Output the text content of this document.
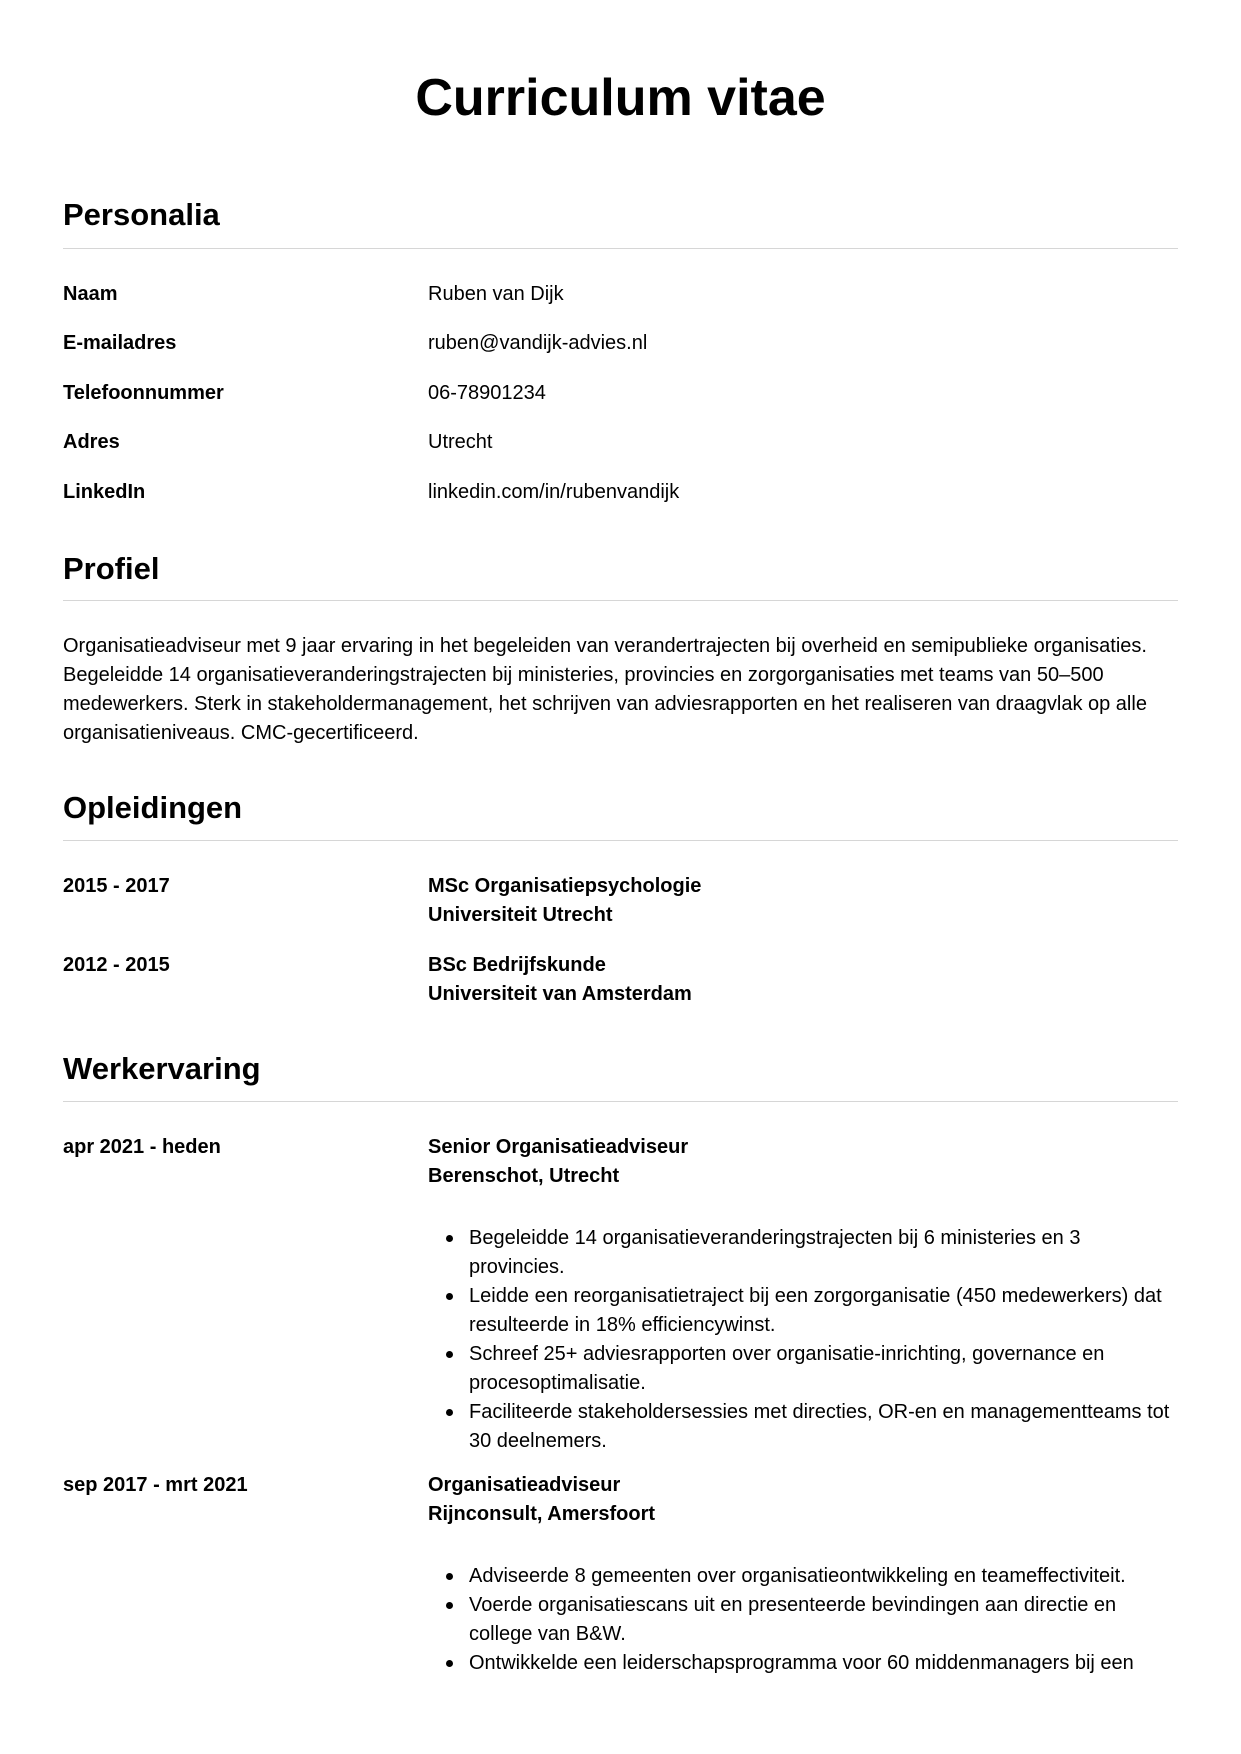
Curriculum vitae
Personalia
Naam	Ruben van Dijk
E-mailadres	ruben@vandijk-advies.nl
Telefoonnummer	06-78901234
Adres	Utrecht
LinkedIn	linkedin.com/in/rubenvandijk
Profiel

Organisatieadviseur met 9 jaar ervaring in het begeleiden van verandertrajecten bij overheid en semipublieke organisaties. Begeleidde 14 organisatieveranderingstrajecten bij ministeries, provincies en zorgorganisaties met teams van 50–500 medewerkers. Sterk in stakeholdermanagement, het schrijven van adviesrapporten en het realiseren van draagvlak op alle organisatieniveaus. CMC-gecertificeerd.

Opleidingen
2015 - 2017	MSc Organisatiepsychologie
Universiteit Utrecht
2012 - 2015	BSc Bedrijfskunde
Universiteit van Amsterdam
Werkervaring
apr 2021 - heden	Senior Organisatieadviseur
Berenschot, Utrecht
Begeleidde 14 organisatieveranderingstrajecten bij 6 ministeries en 3 provincies.
Leidde een reorganisatietraject bij een zorgorganisatie (450 medewerkers) dat resulteerde in 18% efficiencywinst.
Schreef 25+ adviesrapporten over organisatie-inrichting, governance en procesoptimalisatie.
Faciliteerde stakeholdersessies met directies, OR-en en managementteams tot 30 deelnemers.
sep 2017 - mrt 2021	Organisatieadviseur
Rijnconsult, Amersfoort
Adviseerde 8 gemeenten over organisatieontwikkeling en teameffectiviteit.
Voerde organisatiescans uit en presenteerde bevindingen aan directie en college van B&W.
Ontwikkelde een leiderschapsprogramma voor 60 middenmanagers bij een
